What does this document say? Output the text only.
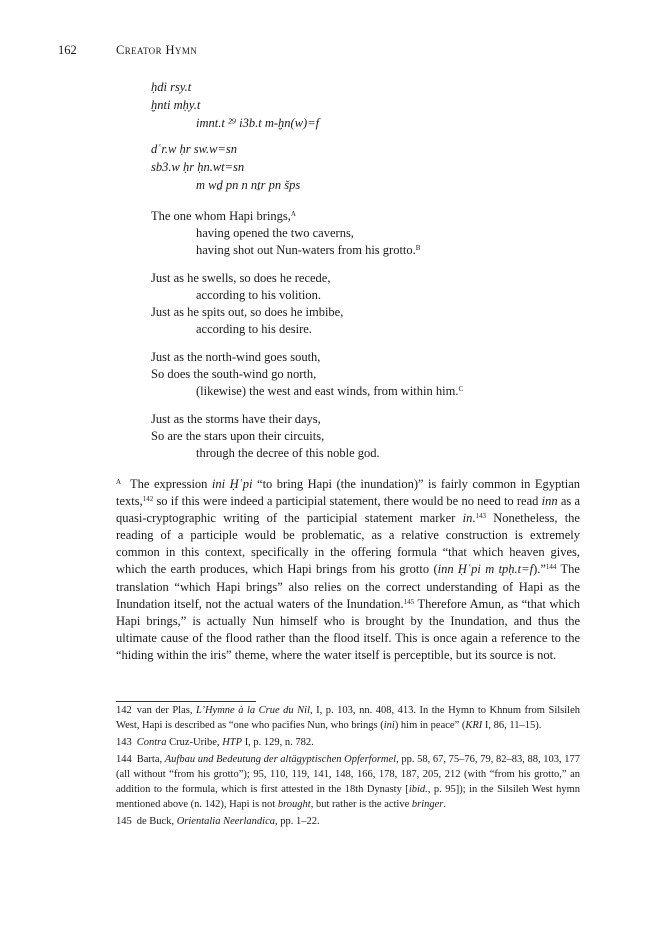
162	Creator Hymn
ḥdi rsy.t
ḫnti mḥy.t
imnt.t ²⁹ i3b.t m-ḫn(w)=f
dʿr.w ḥr sw.w=sn
sb3.w ḥr ḥn.wt=sn
m wḏ pn n nṯr pn šps
The one whom Hapi brings,$^A$
having opened the two caverns,
having shot out Nun-waters from his grotto.$^B$
Just as he swells, so does he recede,
according to his volition.
Just as he spits out, so does he imbibe,
according to his desire.
Just as the north-wind goes south,
So does the south-wind go north,
(likewise) the west and east winds, from within him.$^C$
Just as the storms have their days,
So are the stars upon their circuits,
through the decree of this noble god.

$^A$ The expression ini Ḥʿpi “to bring Hapi (the inundation)” is fairly common in Egyptian texts,$^{142}$ so if this were indeed a participial statement, there would be no need to read inn as a quasi-cryptographic writing of the participial statement marker in.$^{143}$ Nonetheless, the reading of a participle would be problematic, as a relative construction is extremely common in this context, specifically in the offering formula “that which heaven gives, which the earth produces, which Hapi brings from his grotto (inn Ḥʿpi m tpḥ.t=f).”$^{144}$ The translation “which Hapi brings” also relies on the correct understanding of Hapi as the Inundation itself, not the actual waters of the Inundation.$^{145}$ Therefore Amun, as “that which Hapi brings,” is actually Nun himself who is brought by the Inundation, and thus the ultimate cause of the flood rather than the flood itself. This is once again a reference to the “hiding within the iris” theme, where the water itself is perceptible, but its source is not.

142 van der Plas, L’Hymne à la Crue du Nil, I, p. 103, nn. 408, 413. In the Hymn to Khnum from Silsileh West, Hapi is described as “one who pacifies Nun, who brings (ini) him in peace” (KRI I, 86, 11–15).

143 Contra Cruz-Uribe, HTP I, p. 129, n. 782.

144 Barta, Aufbau und Bedeutung der altägyptischen Opferformel, pp. 58, 67, 75–76, 79, 82–83, 88, 103, 177 (all without “from his grotto”); 95, 110, 119, 141, 148, 166, 178, 187, 205, 212 (with “from his grotto,” an addition to the formula, which is first attested in the 18th Dynasty [ibid., p. 95]); in the Silsileh West hymn mentioned above (n. 142), Hapi is not brought, but rather is the active bringer.

145 de Buck, Orientalia Neerlandica, pp. 1–22.
